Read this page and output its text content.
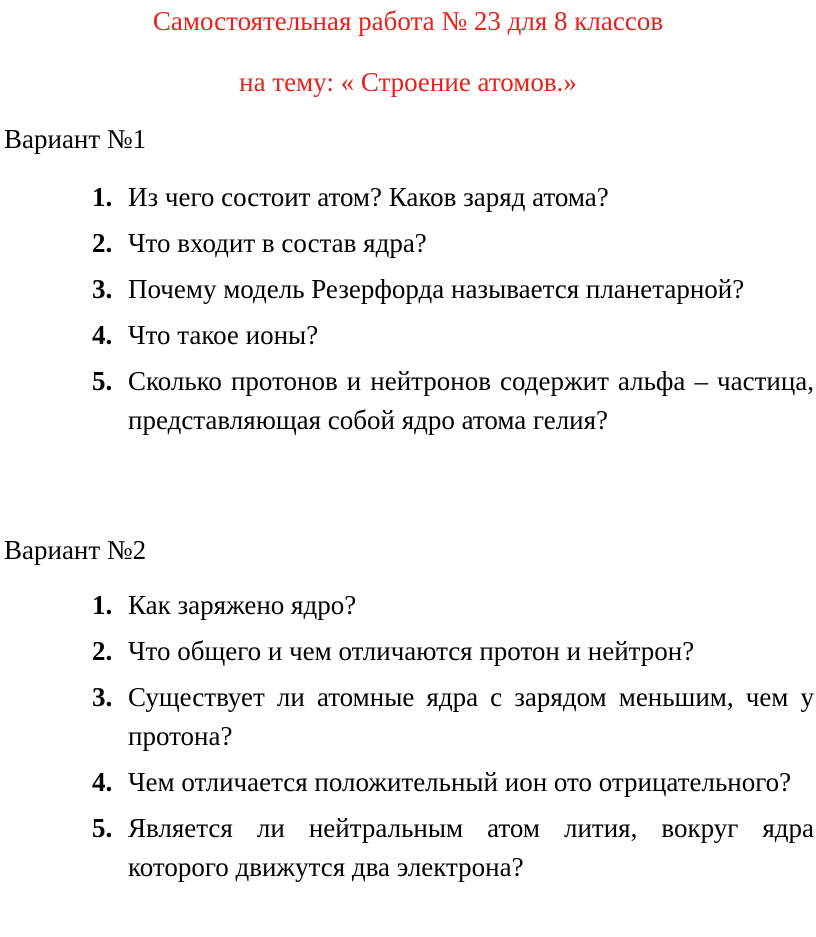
Самостоятельная работа № 23 для 8 классов
на тему: « Строение атомов.»
Вариант №1
1. Из чего состоит атом? Каков заряд атома?
2. Что входит в состав ядра?
3. Почему модель Резерфорда называется планетарной?
4. Что такое ионы?
5. Сколько протонов и нейтронов содержит альфа – частица, представляющая собой ядро атома гелия?
Вариант №2
1. Как заряжено ядро?
2. Что общего и чем отличаются протон и нейтрон?
3. Существует ли атомные ядра с зарядом меньшим, чем у протона?
4. Чем отличается положительный ион ото отрицательного?
5. Является ли нейтральным атом лития, вокруг ядра которого движутся два электрона?
